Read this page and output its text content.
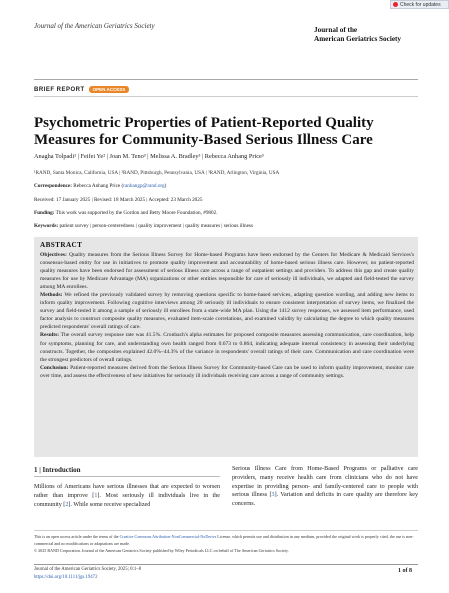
Check for updates
Journal of the American Geriatrics Society	Journal of the
American Geriatrics Society
BRIEF REPORT	OPEN ACCESS
Psychometric Properties of Patient-Reported Quality Measures for Community-Based Serious Illness Care
Anagha Tolpadi¹ | Feifei Ye² | Joan M. Teno³ | Melissa A. Bradley³ | Rebecca Anhang Price³
¹RAND, Santa Monica, California, USA | ²RAND, Pittsburgh, Pennsylvania, USA | ³RAND, Arlington, Virginia, USA
Correspondence: Rebecca Anhang Price (ranhangp@rand.org)
Received: 17 January 2025 | Revised: 18 March 2025 | Accepted: 23 March 2025
Funding: This work was supported by the Gordon and Betty Moore Foundation, #9802.
Keywords: patient survey | person-centeredness | quality improvement | quality measures | serious illness
ABSTRACT

Objectives: Quality measures from the Serious Illness Survey for Home-based Programs have been endorsed by the Centers for Medicare & Medicaid Services's consensus-based entity for use in initiatives to promote quality improvement and accountability of home-based serious illness care. However, no patient-reported quality measures have been endorsed for assessment of serious illness care across a range of outpatient settings and providers. To address this gap and create quality measures for use by Medicare Advantage (MA) organizations or other entities responsible for care of seriously ill individuals, we adapted and field-tested the survey among MA enrollees.

Methods: We refined the previously validated survey by removing questions specific to home-based services, adapting question wording, and adding new items to inform quality improvement. Following cognitive interviews among 20 seriously ill individuals to ensure consistent interpretation of survey items, we finalized the survey and field-tested it among a sample of seriously ill enrollees from a state-wide MA plan. Using the 1412 survey responses, we assessed item performance, used factor analysis to construct composite quality measures, evaluated item-scale correlations, and examined validity by calculating the degree to which quality measures predicted respondents' overall ratings of care.

Results: The overall survey response rate was 41.5%. Cronbach's alpha estimates for proposed composite measures assessing communication, care coordination, help for symptoms, planning for care, and understanding own health ranged from 0.673 to 0.864, indicating adequate internal consistency in assessing their underlying constructs. Together, the composites explained 42.0%–44.3% of the variance in respondents' overall ratings of their care. Communication and care coordination were the strongest predictors of overall ratings.

Conclusion: Patient-reported measures derived from the Serious Illness Survey for Community-based Care can be used to inform quality improvement, monitor care over time, and assess the effectiveness of new initiatives for seriously ill individuals receiving care across a range of community settings.

1 | Introduction
Millions of Americans have serious illnesses that are expected to worsen rather than improve [1]. Most seriously ill individuals live in the community [2]. While some receive specialized
Serious Illness Care from Home-Based Programs or palliative care providers, many receive health care from clinicians who do not have expertise in providing person- and family-centered care to people with serious illness [3]. Variation and deficits in care quality are therefore key concerns.
This is an open access article under the terms of the Creative Commons Attribution-NonCommercial-NoDerivs License, which permits use and distribution in any medium, provided the original work is properly cited, the use is non-commercial and no modifications or adaptations are made.
© 2025 RAND Corporation. Journal of the American Geriatrics Society published by Wiley Periodicals LLC on behalf of The American Geriatrics Society.
Journal of the American Geriatrics Society, 2025; 0:1–8
https://doi.org/10.1111/jgs.19472
1 of 8
